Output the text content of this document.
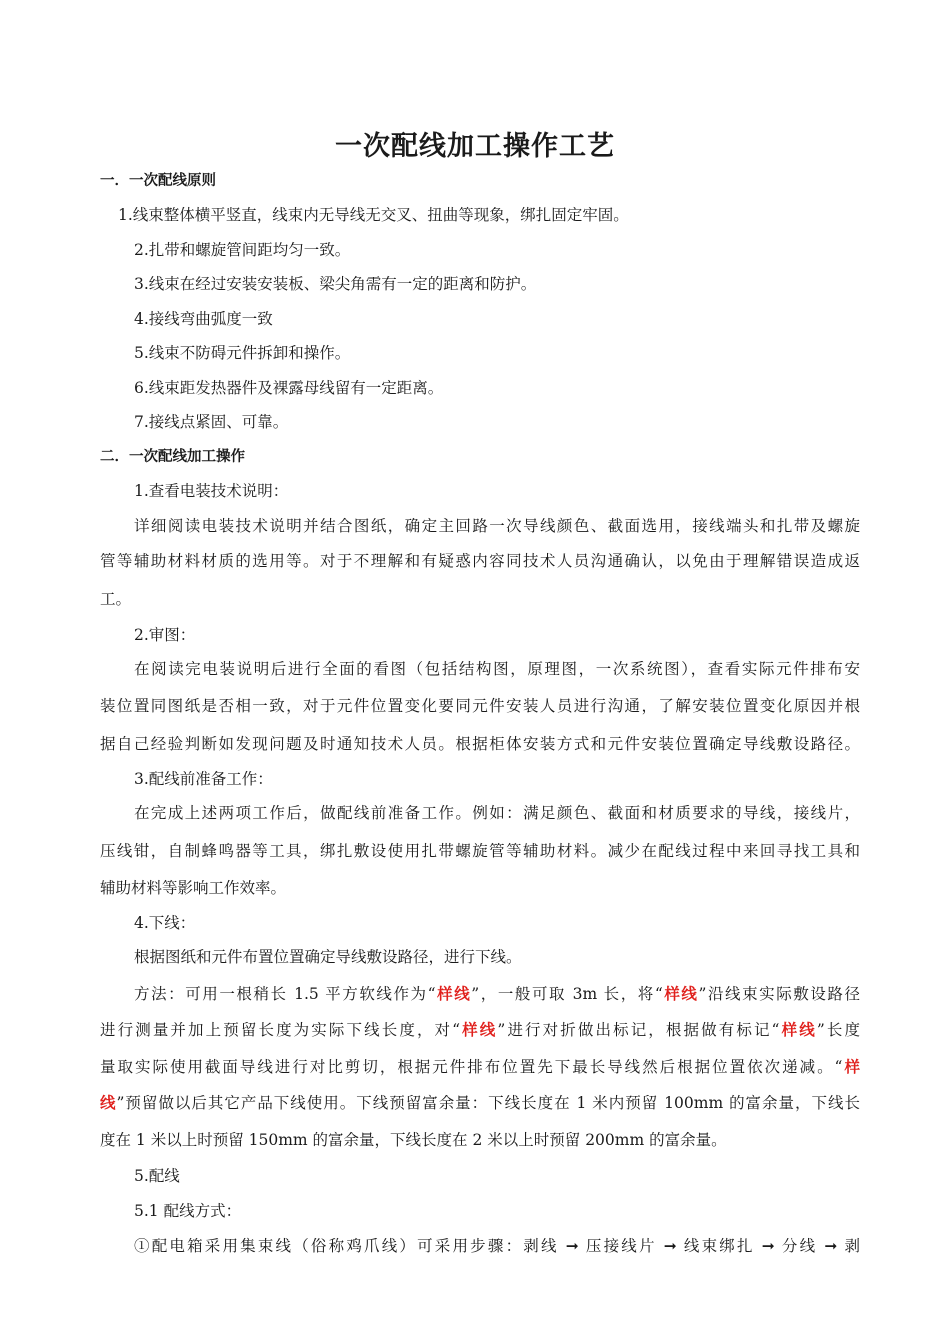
一次配线加工操作工艺
一．一次配线原则
1.线束整体横平竖直，线束内无导线无交叉、扭曲等现象，绑扎固定牢固。
2.扎带和螺旋管间距均匀一致。
3.线束在经过安装安装板、梁尖角需有一定的距离和防护。
4.接线弯曲弧度一致
5.线束不防碍元件拆卸和操作。
6.线束距发热器件及裸露母线留有一定距离。
7.接线点紧固、可靠。
二．一次配线加工操作
1.查看电装技术说明：
详细阅读电装技术说明并结合图纸，确定主回路一次导线颜色、截面选用，接线端头和扎带及螺旋
管等辅助材料材质的选用等。对于不理解和有疑惑内容同技术人员沟通确认，以免由于理解错误造成返
工。
2.审图：
在阅读完电装说明后进行全面的看图（包括结构图，原理图，一次系统图），查看实际元件排布安
装位置同图纸是否相一致，对于元件位置变化要同元件安装人员进行沟通，了解安装位置变化原因并根
据自己经验判断如发现问题及时通知技术人员。根据柜体安装方式和元件安装位置确定导线敷设路径。
3.配线前准备工作：
在完成上述两项工作后，做配线前准备工作。例如：满足颜色、截面和材质要求的导线，接线片，
压线钳，自制蜂鸣器等工具，绑扎敷设使用扎带螺旋管等辅助材料。减少在配线过程中来回寻找工具和
辅助材料等影响工作效率。
4.下线：
根据图纸和元件布置位置确定导线敷设路径，进行下线。
方法：可用一根稍长 1.5 平方软线作为“样线”，一般可取 3m 长，将“样线”沿线束实际敷设路径
进行测量并加上预留长度为实际下线长度，对“样线”进行对折做出标记，根据做有标记“样线”长度
量取实际使用截面导线进行对比剪切，根据元件排布位置先下最长导线然后根据位置依次递减。“样
线”预留做以后其它产品下线使用。下线预留富余量：下线长度在 1 米内预留 100mm 的富余量，下线长
度在 1 米以上时预留 150mm 的富余量，下线长度在 2 米以上时预留 200mm 的富余量。
5.配线
5.1 配线方式：
①配电箱采用集束线（俗称鸡爪线）可采用步骤：剥线 ➞ 压接线片 ➞ 线束绑扎 ➞ 分线 ➞ 剥
